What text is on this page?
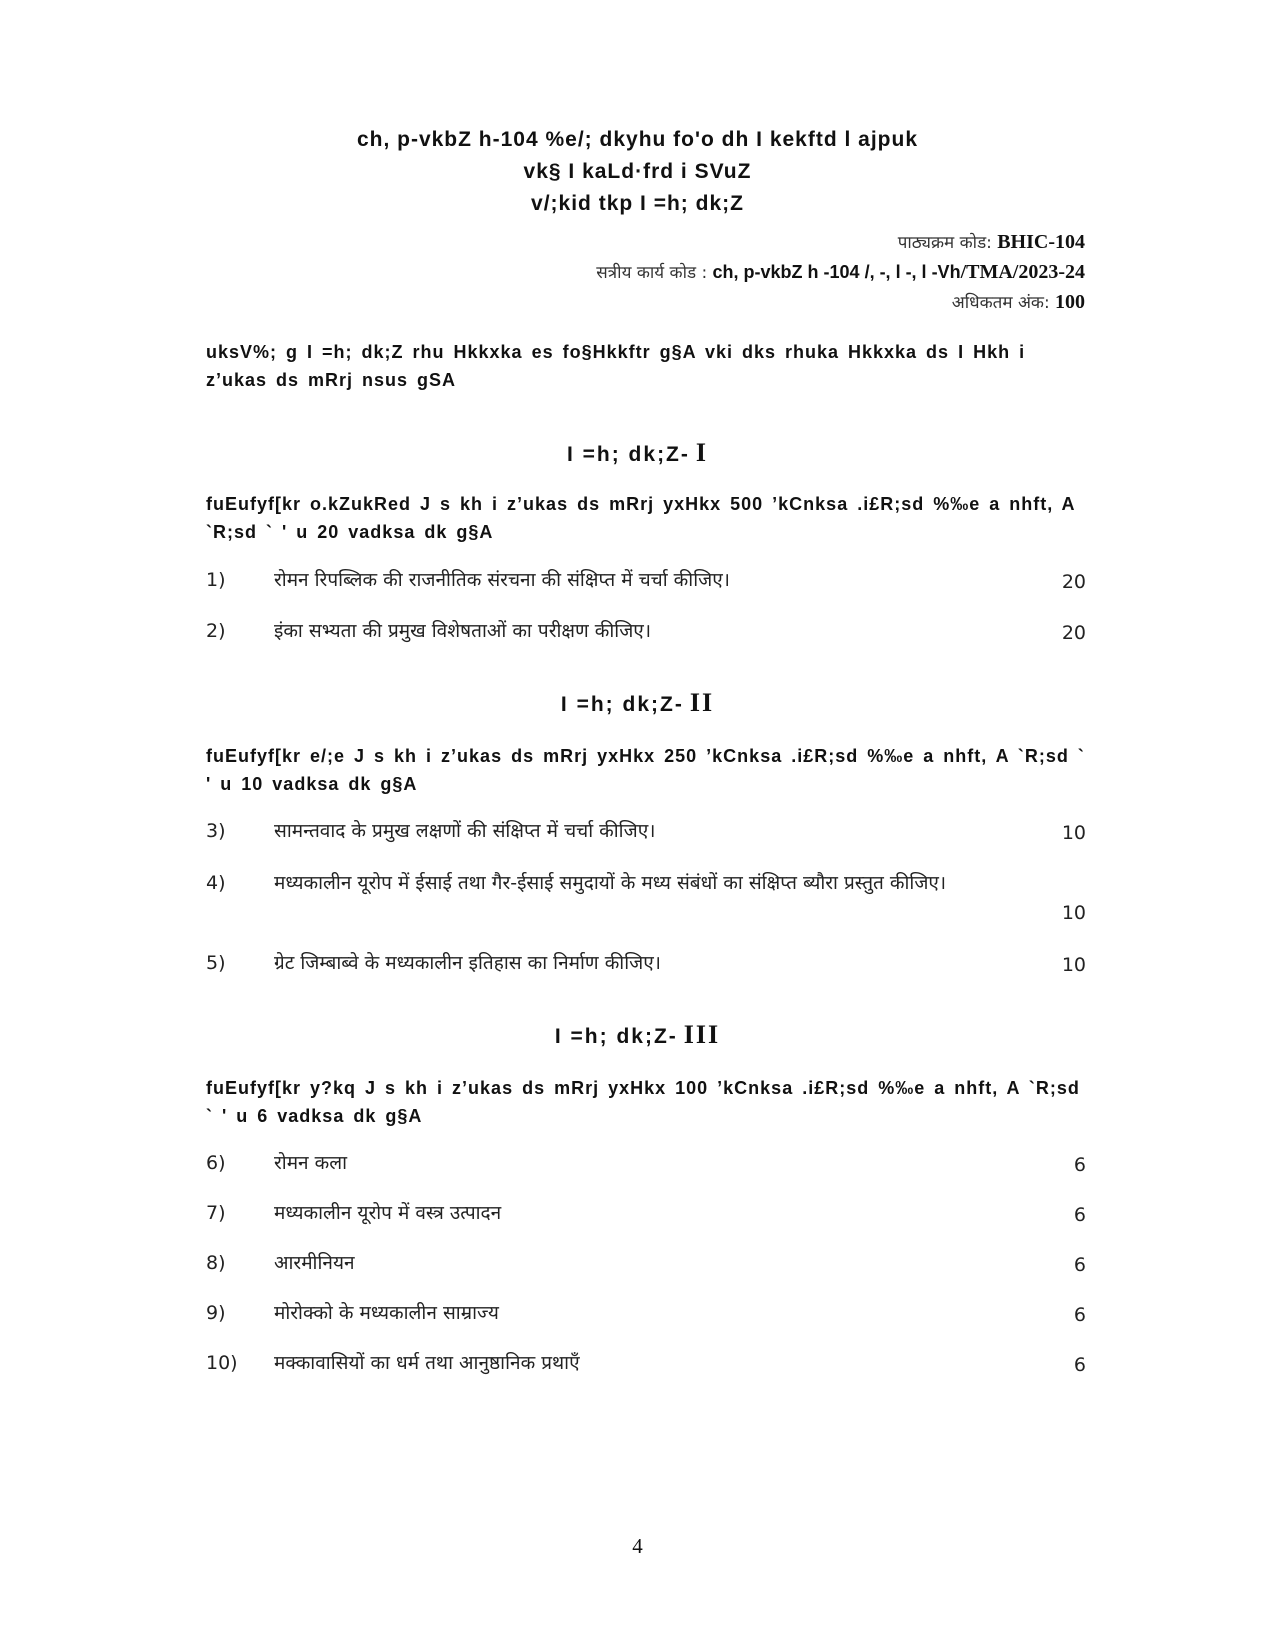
ch, p-vkbZ h-104 %e/; dkyhu fo'o dh I kekftd l ajpuk
vk§ I kaLd·frd i SVuZ
v/;kid tkp I =h; dk;Z
पाठ्यक्रम कोड: BHIC-104
सत्रीय कार्य कोड : ch, p-vkbZ h -104 /, -, l -, l -Vh/TMA/2023-24
अधिकतम अंक: 100
uksV%; g I =h; dk;Z rhu Hkkxka es fo§Hkkftr g§A vki dks rhuka Hkkxka ds I Hkh i z’ukas ds mRrj nsus gSA
I =h; dk;Z- I
fuEufyf[kr o.kZukRed J s kh i z’ukas ds mRrj yxHkx 500 ’kCnksa .i£R;sd %‰e a nhft, A `R;sd ` ' u 20 vadksa dk g§A
1)	रोमन रिपब्लिक की राजनीतिक संरचना की संक्षिप्त में चर्चा कीजिए।	20
2)	इंका सभ्यता की प्रमुख विशेषताओं का परीक्षण कीजिए।	20
I =h; dk;Z- II
fuEufyf[kr e/;e J s kh i z’ukas ds mRrj yxHkx 250 ’kCnksa .i£R;sd %‰e a nhft, A `R;sd ` ' u 10 vadksa dk g§A
3)	सामन्तवाद के प्रमुख लक्षणों की संक्षिप्त में चर्चा कीजिए।	10
4)	मध्यकालीन यूरोप में ईसाई तथा गैर-ईसाई समुदायों के मध्य संबंधों का संक्षिप्त ब्यौरा प्रस्तुत कीजिए।
10
5)	ग्रेट जिम्बाब्वे के मध्यकालीन इतिहास का निर्माण कीजिए।	10
I =h; dk;Z- III
fuEufyf[kr y?kq J s kh i z’ukas ds mRrj yxHkx 100 ’kCnksa .i£R;sd %‰e a nhft, A `R;sd ` ' u 6 vadksa dk g§A
6)	रोमन कला	6
7)	मध्यकालीन यूरोप में वस्त्र उत्पादन	6
8)	आरमीनियन	6
9)	मोरोक्को के मध्यकालीन साम्राज्य	6
10)	मक्कावासियों का धर्म तथा आनुष्ठानिक प्रथाएँ	6
4
